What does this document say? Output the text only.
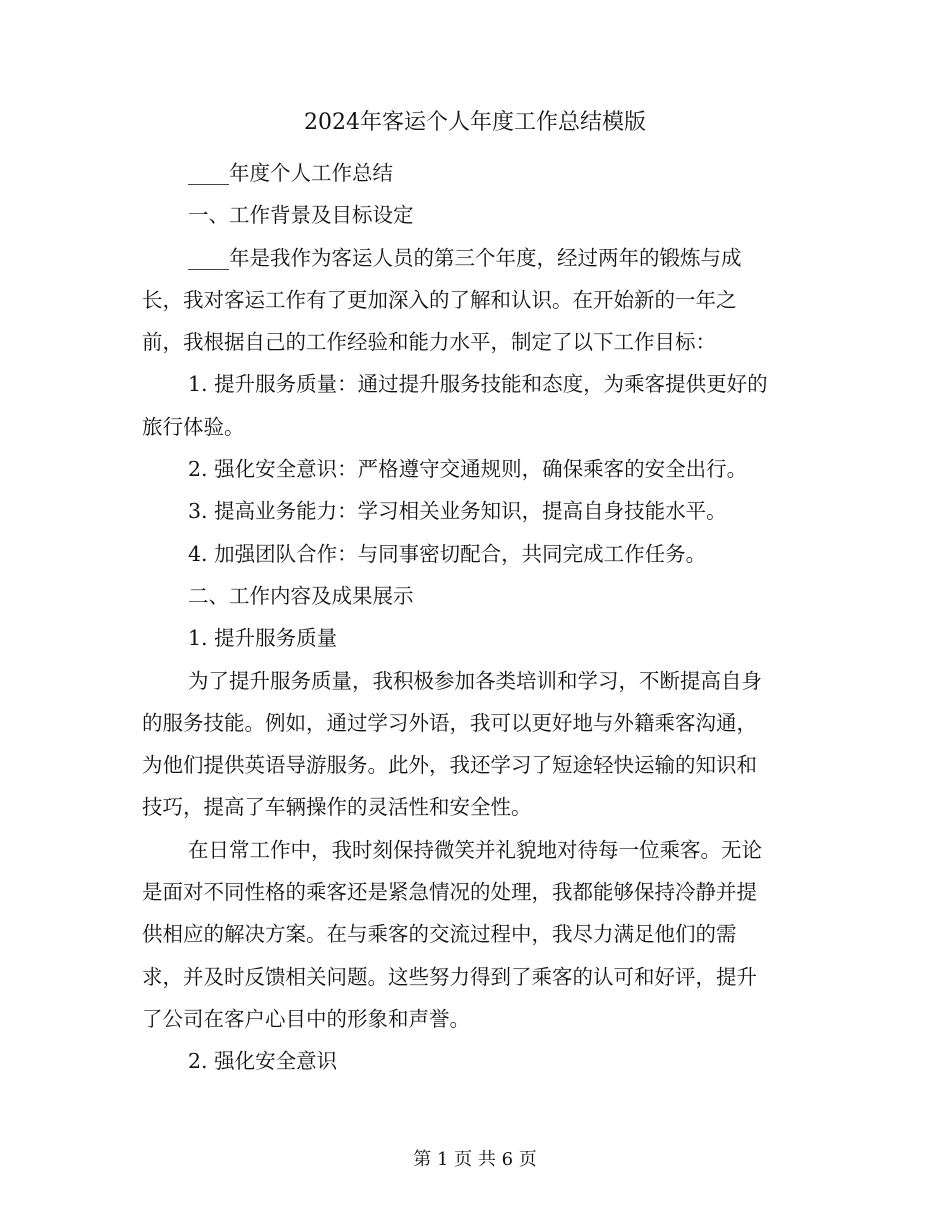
2024年客运个人年度工作总结模版
____年度个人工作总结
一、工作背景及目标设定
____年是我作为客运人员的第三个年度，经过两年的锻炼与成
长，我对客运工作有了更加深入的了解和认识。在开始新的一年之
前，我根据自己的工作经验和能力水平，制定了以下工作目标：
1. 提升服务质量：通过提升服务技能和态度，为乘客提供更好的
旅行体验。
2. 强化安全意识：严格遵守交通规则，确保乘客的安全出行。
3. 提高业务能力：学习相关业务知识，提高自身技能水平。
4. 加强团队合作：与同事密切配合，共同完成工作任务。
二、工作内容及成果展示
1. 提升服务质量
为了提升服务质量，我积极参加各类培训和学习，不断提高自身
的服务技能。例如，通过学习外语，我可以更好地与外籍乘客沟通，
为他们提供英语导游服务。此外，我还学习了短途轻快运输的知识和
技巧，提高了车辆操作的灵活性和安全性。
在日常工作中，我时刻保持微笑并礼貌地对待每一位乘客。无论
是面对不同性格的乘客还是紧急情况的处理，我都能够保持冷静并提
供相应的解决方案。在与乘客的交流过程中，我尽力满足他们的需
求，并及时反馈相关问题。这些努力得到了乘客的认可和好评，提升
了公司在客户心目中的形象和声誉。
2. 强化安全意识
第 1 页 共 6 页
